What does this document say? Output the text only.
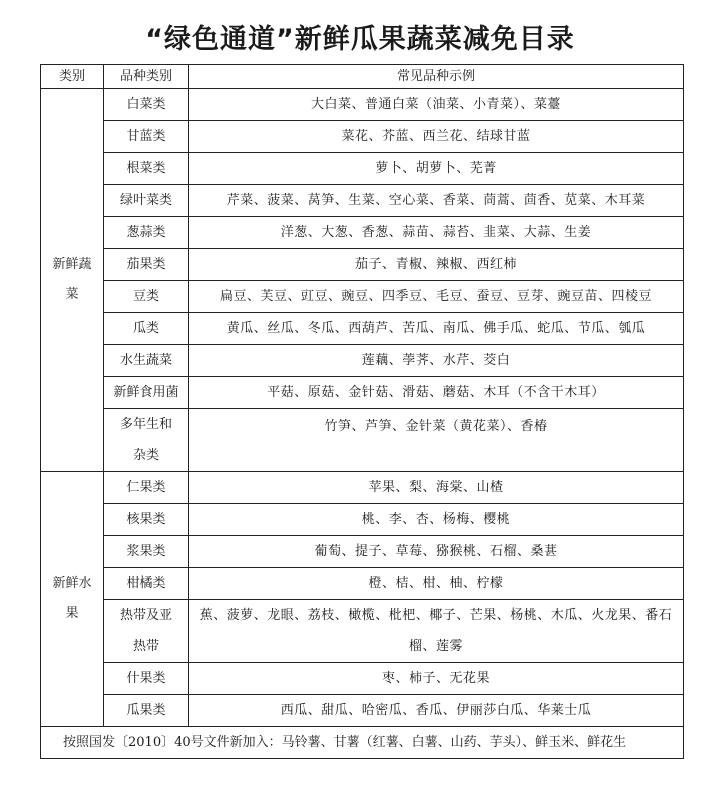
“绿色通道”新鲜瓜果蔬菜减免目录
类别	品种类别	常见品种示例
新鲜蔬菜	白菜类	大白菜、普通白菜（油菜、小青菜）、菜薹
	甘蓝类	菜花、芥蓝、西兰花、结球甘蓝
	根菜类	萝卜、胡萝卜、芜菁
	绿叶菜类	芹菜、菠菜、莴笋、生菜、空心菜、香菜、茼蒿、茴香、苋菜、木耳菜
	葱蒜类	洋葱、大葱、香葱、蒜苗、蒜苔、韭菜、大蒜、生姜
	茄果类	茄子、青椒、辣椒、西红柿
	豆类	扁豆、芙豆、豇豆、豌豆、四季豆、毛豆、蚕豆、豆芽、豌豆苗、四棱豆
	瓜类	黄瓜、丝瓜、冬瓜、西葫芦、苦瓜、南瓜、佛手瓜、蛇瓜、节瓜、瓠瓜
	水生蔬菜	莲藕、荸荠、水芹、茭白
	新鲜食用菌	平菇、原菇、金针菇、滑菇、蘑菇、木耳（不含干木耳）
	多年生和杂类	竹笋、芦笋、金针菜（黄花菜）、香椿
新鲜水果	仁果类	苹果、梨、海棠、山楂
	核果类	桃、李、杏、杨梅、樱桃
	浆果类	葡萄、提子、草莓、猕猴桃、石榴、桑葚
	柑橘类	橙、桔、柑、柚、柠檬
	热带及亚热带	蕉、菠萝、龙眼、荔枝、橄榄、枇杷、椰子、芒果、杨桃、木瓜、火龙果、番石榴、莲雾
	什果类	枣、柿子、无花果
	瓜果类	西瓜、甜瓜、哈密瓜、香瓜、伊丽莎白瓜、华莱士瓜
按照国发〔2010〕40号文件新加入：马铃薯、甘薯（红薯、白薯、山药、芋头）、鲜玉米、鲜花生		
